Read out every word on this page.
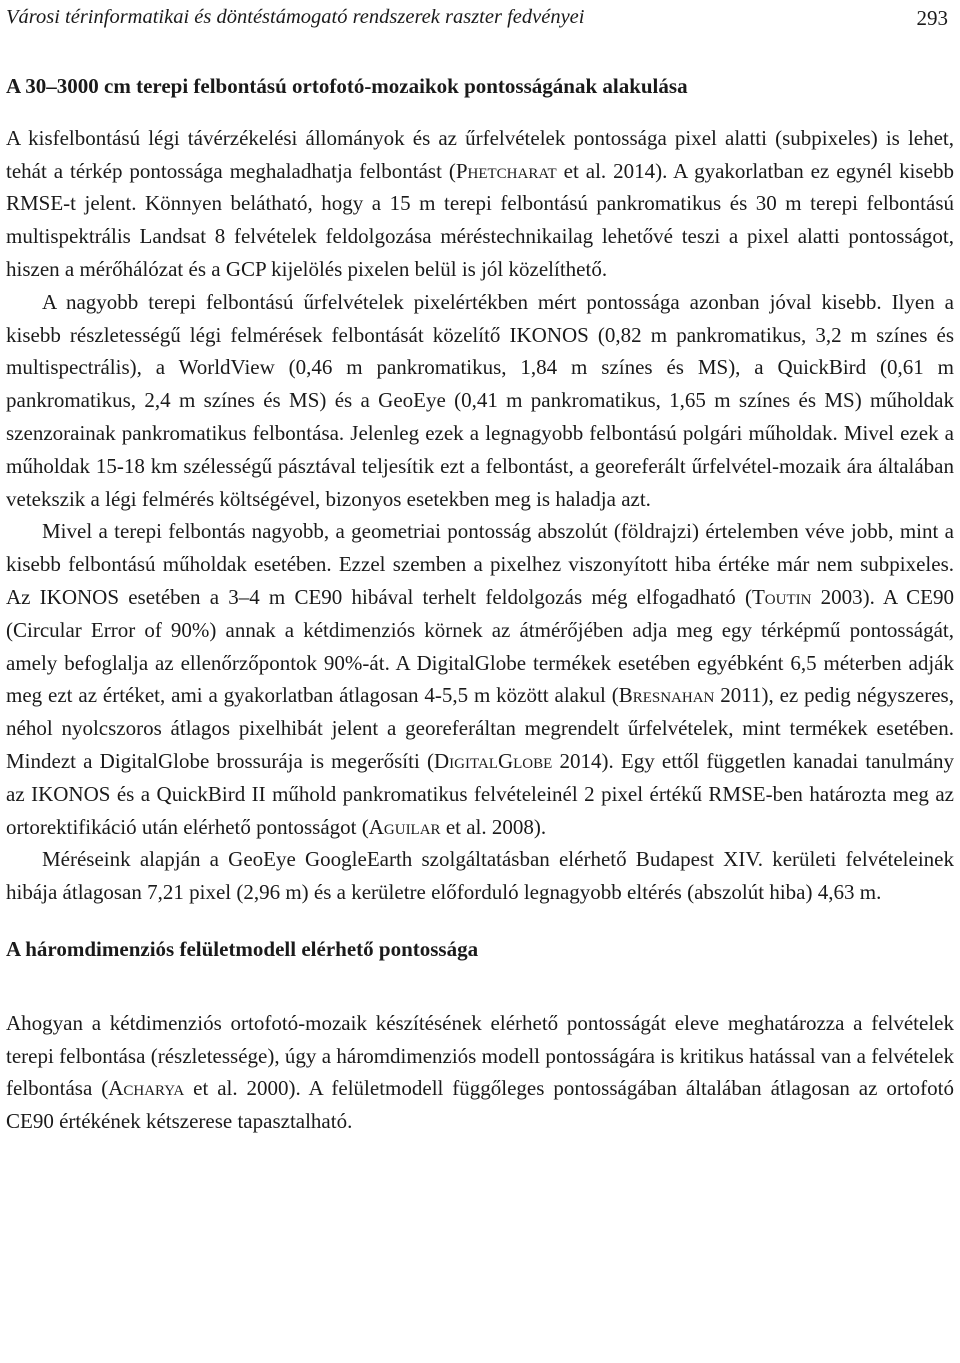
Városi térinformatikai és döntéstámogató rendszerek raszter fedvényei	293
A 30–3000 cm terepi felbontású ortofotó-mozaikok pontosságának alakulása

A kisfelbontású légi távérzékelési állományok és az űrfelvételek pontossága pixel alatti (subpixeles) is lehet, tehát a térkép pontossága meghaladhatja felbontást (Phetcharat et al. 2014). A gyakorlatban ez egynél kisebb RMSE-t jelent. Könnyen belátható, hogy a 15 m terepi felbontású pankromatikus és 30 m terepi felbontású multispektrális Landsat 8 felvételek feldolgozása méréstechnikailag lehetővé teszi a pixel alatti pontosságot, hiszen a mérőhálózat és a GCP kijelölés pixelen belül is jól közelíthető.

A nagyobb terepi felbontású űrfelvételek pixelértékben mért pontossága azonban jóval kisebb. Ilyen a kisebb részletességű légi felmérések felbontását közelítő IKONOS (0,82 m pankromatikus, 3,2 m színes és multispectrális), a WorldView (0,46 m pankromatikus, 1,84 m színes és MS), a QuickBird (0,61 m pankromatikus, 2,4 m színes és MS) és a GeoEye (0,41 m pankromatikus, 1,65 m színes és MS) műholdak szenzorainak pankromatikus felbontása. Jelenleg ezek a legnagyobb felbontású polgári műholdak. Mivel ezek a műholdak 15-18 km szélességű pásztával teljesítik ezt a felbontást, a georeferált űrfelvétel-mozaik ára általában vetekszik a légi felmérés költségével, bizonyos esetekben meg is haladja azt.

Mivel a terepi felbontás nagyobb, a geometriai pontosság abszolút (földrajzi) értelemben véve jobb, mint a kisebb felbontású műholdak esetében. Ezzel szemben a pixelhez viszonyított hiba értéke már nem subpixeles. Az IKONOS esetében a 3–4 m CE90 hibával terhelt feldolgozás még elfogadható (Toutin 2003). A CE90 (Circular Error of 90%) annak a kétdimenziós körnek az átmérőjében adja meg egy térképmű pontosságát, amely befoglalja az ellenőrzőpontok 90%-át. A DigitalGlobe termékek esetében egyébként 6,5 méterben adják meg ezt az értéket, ami a gyakorlatban átlagosan 4-5,5 m között alakul (Bresnahan 2011), ez pedig négyszeres, néhol nyolcszoros átlagos pixelhibát jelent a georeferáltan megrendelt űrfelvételek, mint termékek esetében. Mindezt a DigitalGlobe brossurája is megerősíti (DigitalGlobe 2014). Egy ettől független kanadai tanulmány az IKONOS és a QuickBird II műhold pankromatikus felvételeinél 2 pixel értékű RMSE-ben határozta meg az ortorektifikáció után elérhető pontosságot (Aguilar et al. 2008).

Méréseink alapján a GeoEye GoogleEarth szolgáltatásban elérhető Budapest XIV. kerületi felvételeinek hibája átlagosan 7,21 pixel (2,96 m) és a kerületre előforduló legnagyobb eltérés (abszolút hiba) 4,63 m.

A háromdimenziós felületmodell elérhető pontossága

Ahogyan a kétdimenziós ortofotó-mozaik készítésének elérhető pontosságát eleve meghatározza a felvételek terepi felbontása (részletessége), úgy a háromdimenziós modell pontosságára is kritikus hatással van a felvételek felbontása (Acharya et al. 2000). A felületmodell függőleges pontosságában általában átlagosan az ortofotó CE90 értékének kétszerese tapasztalható.
